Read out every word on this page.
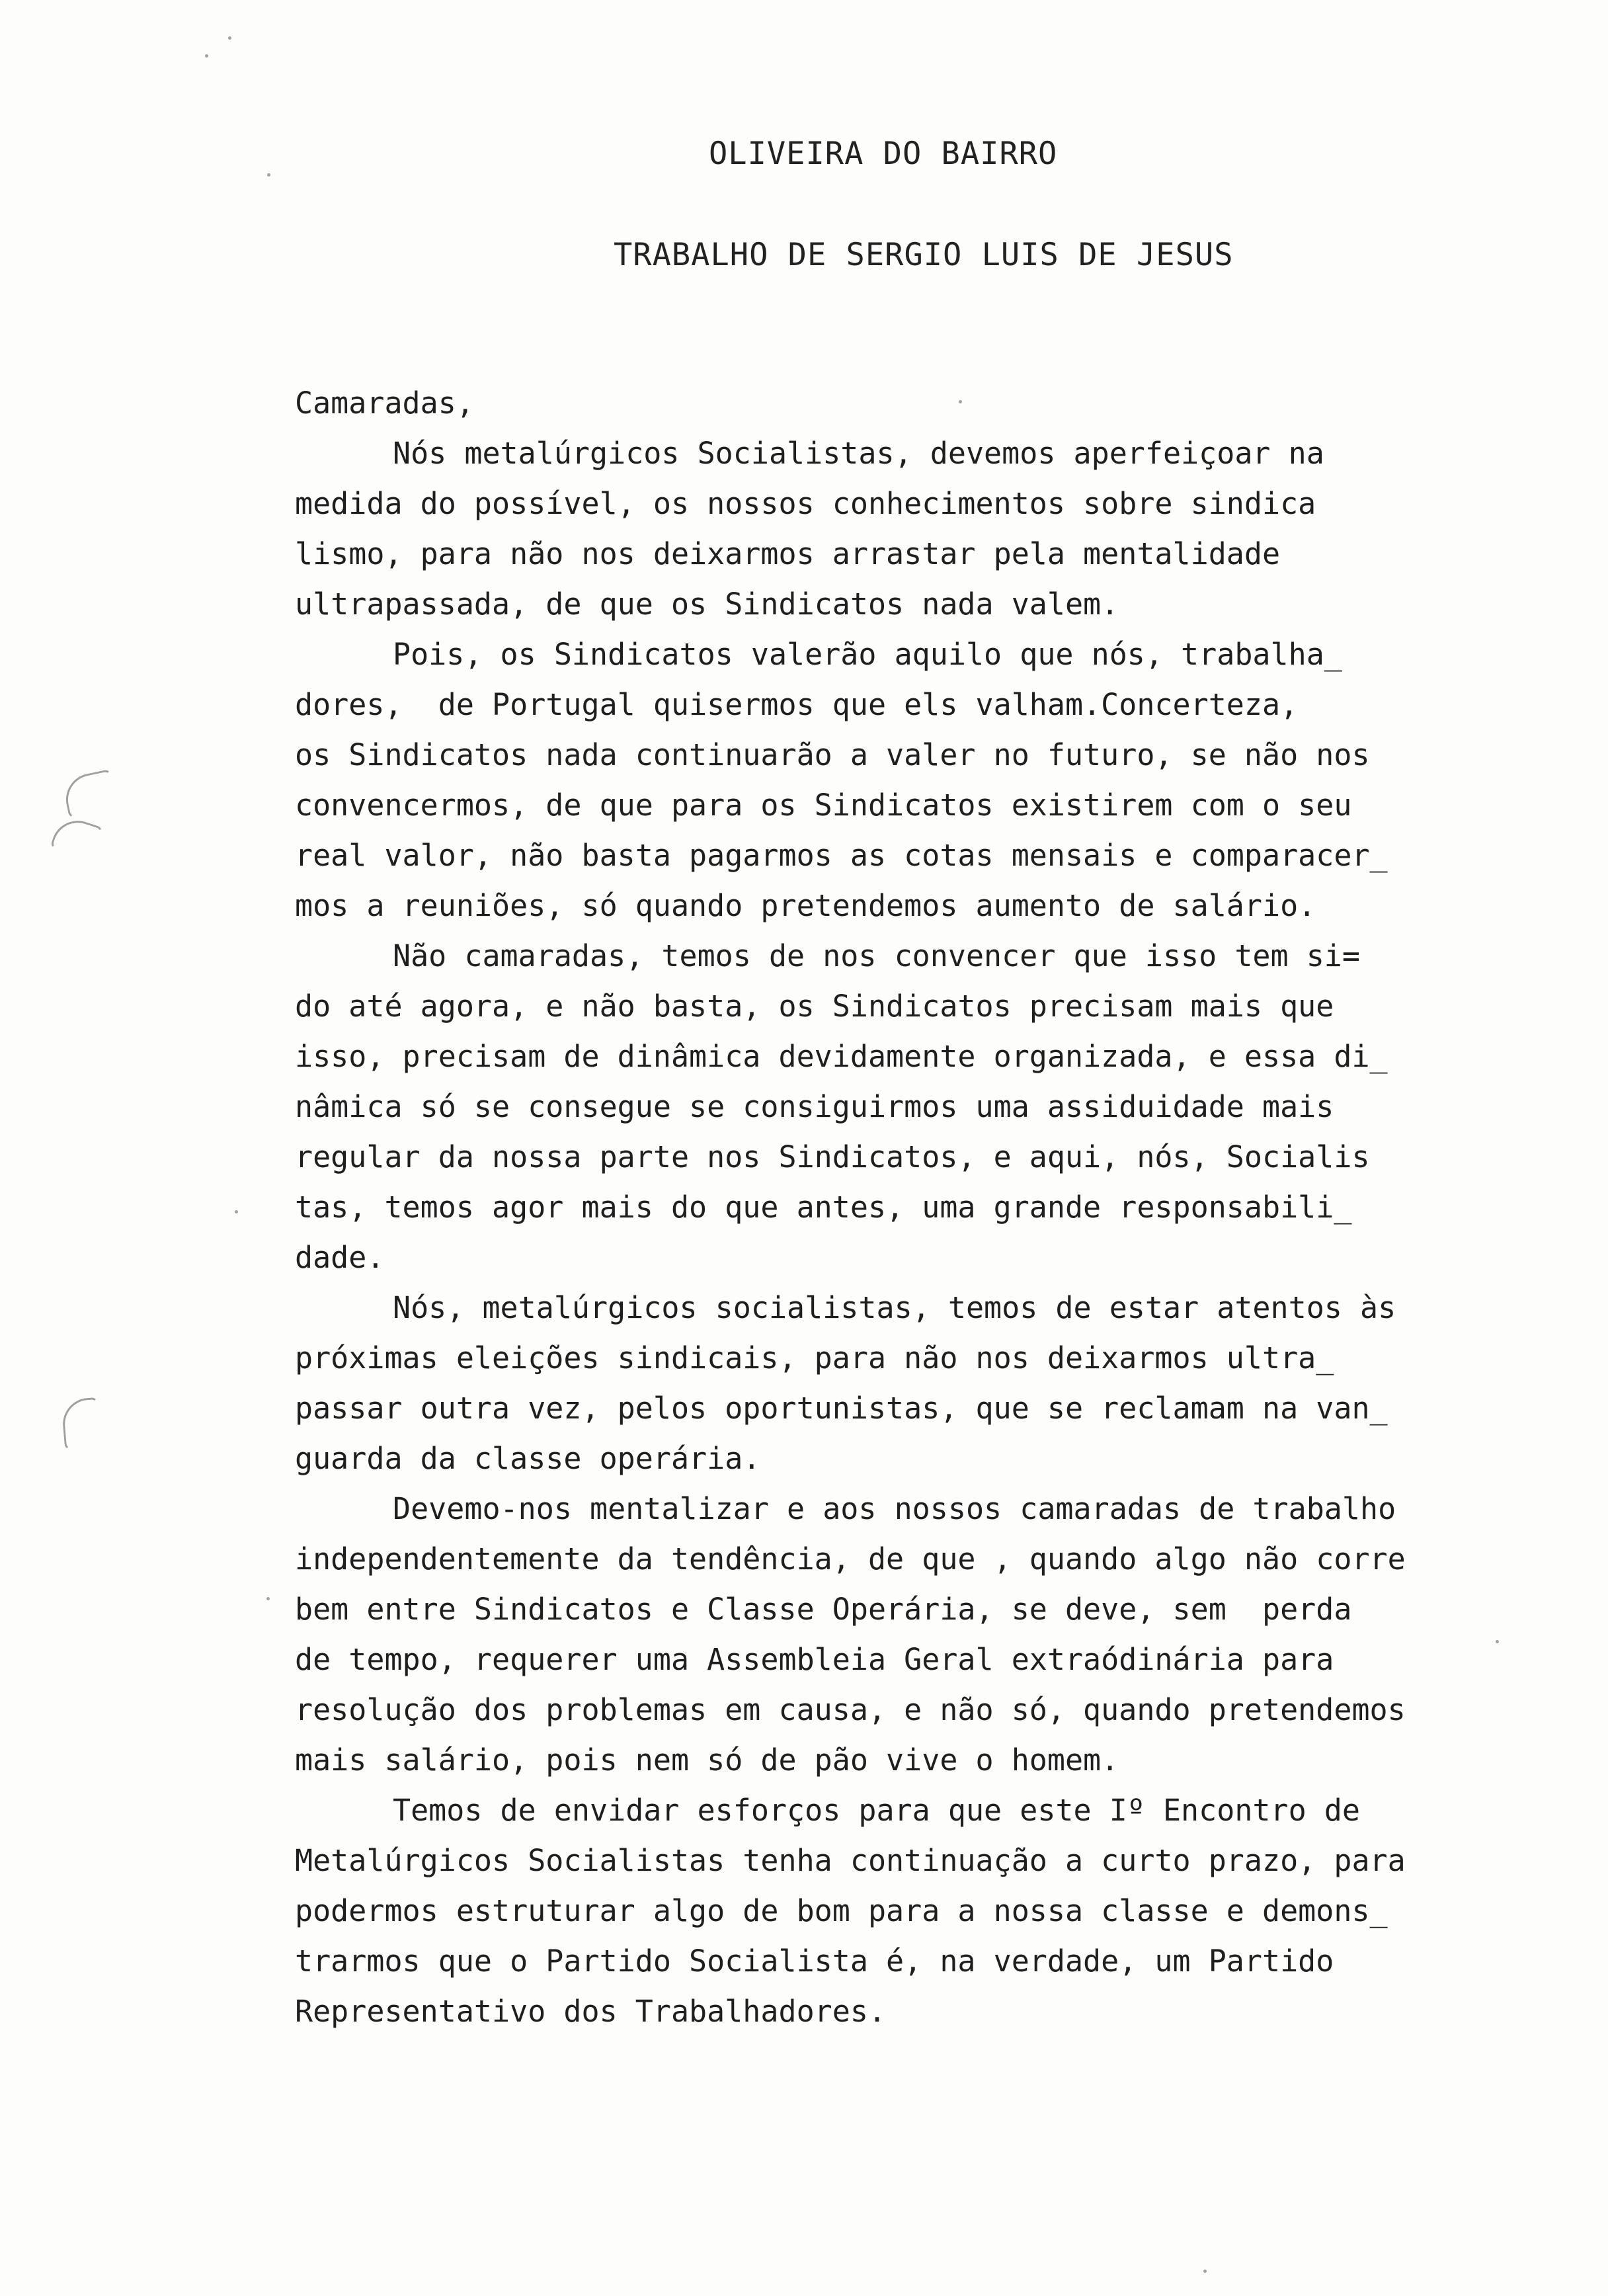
OLIVEIRA DO BAIRRO
TRABALHO DE SERGIO LUIS DE JESUS
Camaradas,
Nós metalúrgicos Socialistas, devemos aperfeiçoar na
medida do possível, os nossos conhecimentos sobre sindica
lismo, para não nos deixarmos arrastar pela mentalidade
ultrapassada, de que os Sindicatos nada valem.
Pois, os Sindicatos valerão aquilo que nós, trabalha_
dores,  de Portugal quisermos que els valham.Concerteza,
os Sindicatos nada continuarão a valer no futuro, se não nos
convencermos, de que para os Sindicatos existirem com o seu
real valor, não basta pagarmos as cotas mensais e comparacer_
mos a reuniões, só quando pretendemos aumento de salário.
Não camaradas, temos de nos convencer que isso tem si=
do até agora, e não basta, os Sindicatos precisam mais que
isso, precisam de dinâmica devidamente organizada, e essa di_
nâmica só se consegue se consiguirmos uma assiduidade mais
regular da nossa parte nos Sindicatos, e aqui, nós, Socialis
tas, temos agor mais do que antes, uma grande responsabili_
dade.
Nós, metalúrgicos socialistas, temos de estar atentos às
próximas eleições sindicais, para não nos deixarmos ultra_
passar outra vez, pelos oportunistas, que se reclamam na van_
guarda da classe operária.
Devemo-nos mentalizar e aos nossos camaradas de trabalho
independentemente da tendência, de que , quando algo não corre
bem entre Sindicatos e Classe Operária, se deve, sem  perda
de tempo, requerer uma Assembleia Geral extraódinária para
resolução dos problemas em causa, e não só, quando pretendemos
mais salário, pois nem só de pão vive o homem.
Temos de envidar esforços para que este Iº Encontro de
Metalúrgicos Socialistas tenha continuação a curto prazo, para
podermos estruturar algo de bom para a nossa classe e demons_
trarmos que o Partido Socialista é, na verdade, um Partido
Representativo dos Trabalhadores.
